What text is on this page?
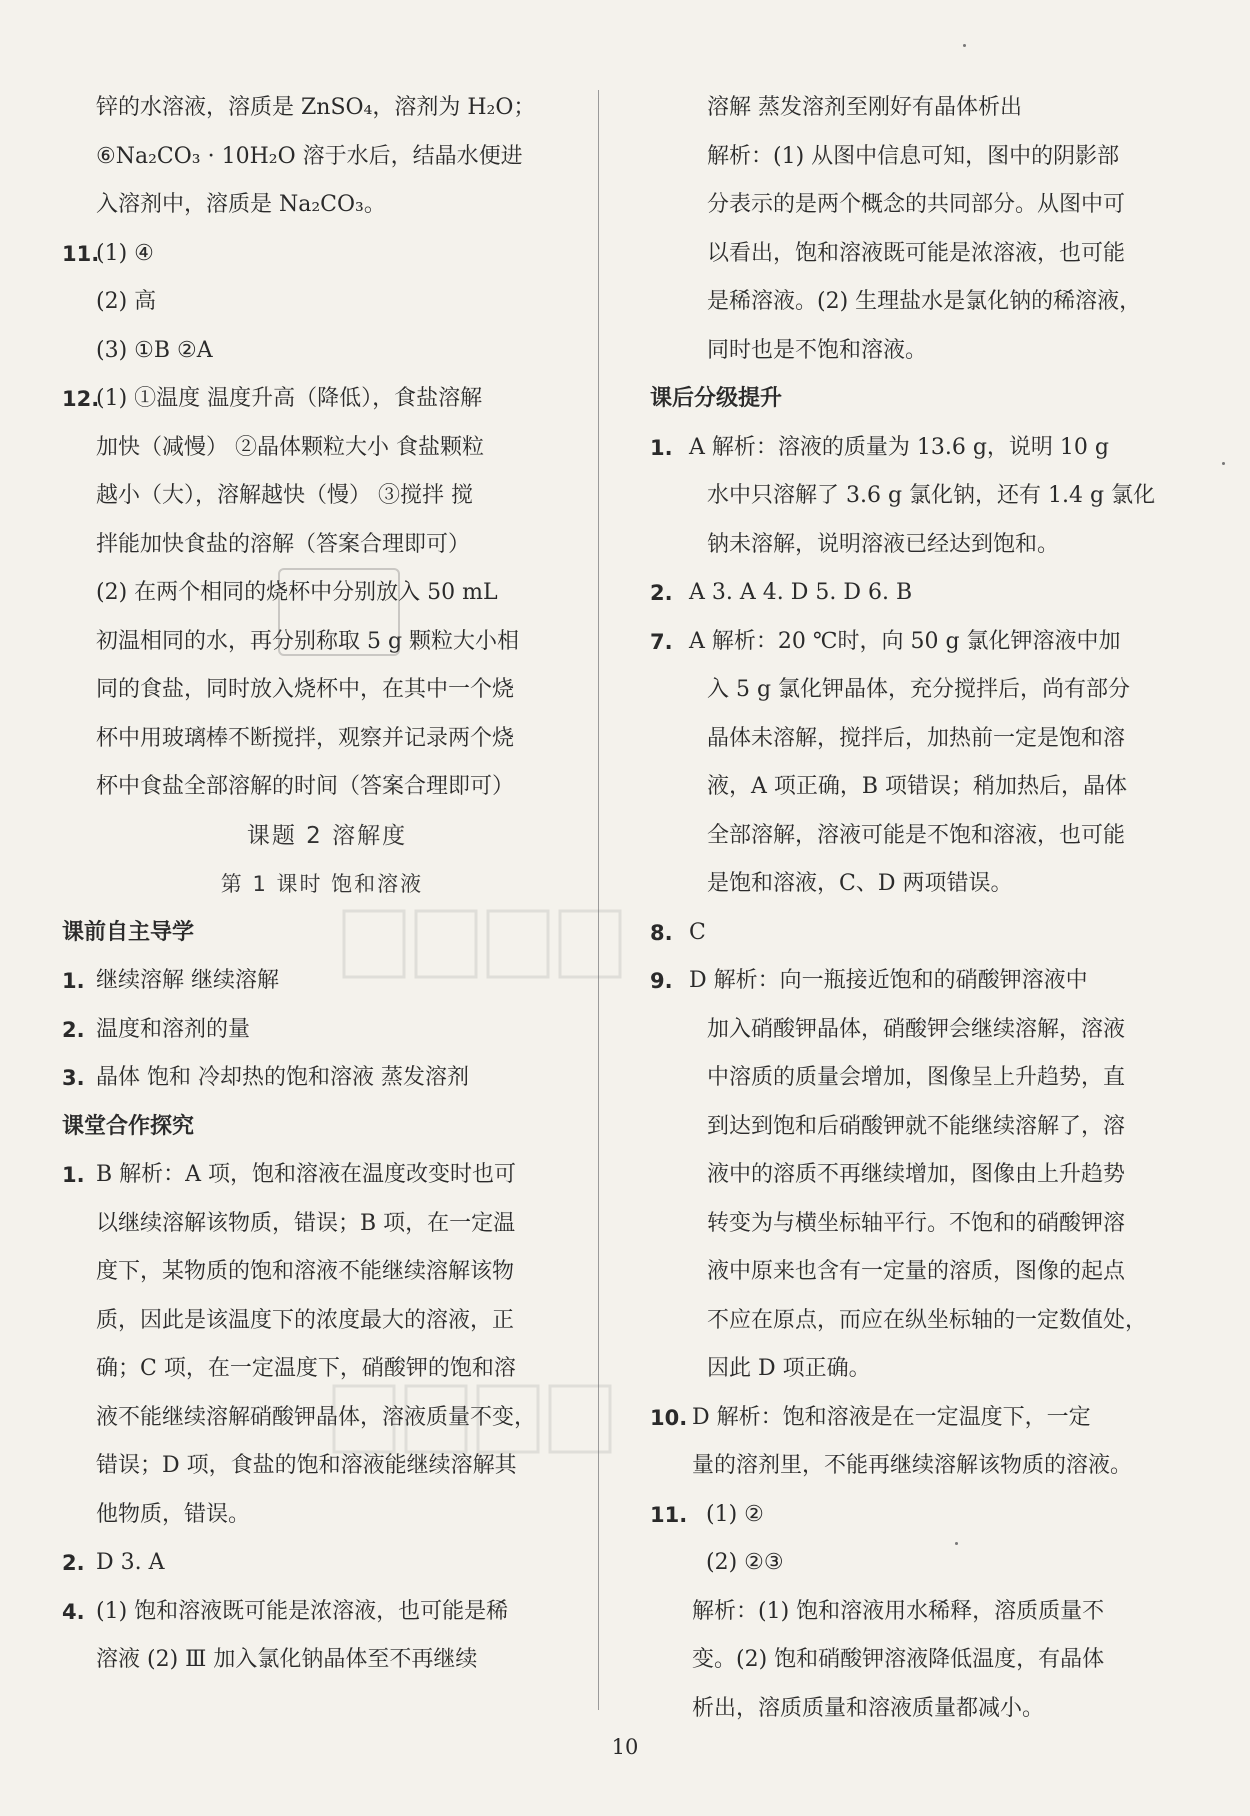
锌的水溶液，溶质是 ZnSO₄，溶剂为 H₂O；
⑥Na₂CO₃ · 10H₂O 溶于水后，结晶水便进
入溶剂中，溶质是 Na₂CO₃。
11.
(1) ④
(2) 高
(3) ①B ②A
12.
(1) ①温度 温度升高（降低），食盐溶解
加快（减慢） ②晶体颗粒大小 食盐颗粒
越小（大），溶解越快（慢） ③搅拌 搅
拌能加快食盐的溶解（答案合理即可）
(2) 在两个相同的烧杯中分别放入 50 mL
初温相同的水，再分别称取 5 g 颗粒大小相
同的食盐，同时放入烧杯中，在其中一个烧
杯中用玻璃棒不断搅拌，观察并记录两个烧
杯中食盐全部溶解的时间（答案合理即可）
课题 2 溶解度
第 1 课时 饱和溶液
课前自主导学
1. 继续溶解 继续溶解
2. 温度和溶剂的量
3. 晶体 饱和 冷却热的饱和溶液 蒸发溶剂
课堂合作探究
1. B 解析：A 项，饱和溶液在温度改变时也可
以继续溶解该物质，错误；B 项，在一定温
度下，某物质的饱和溶液不能继续溶解该物
质，因此是该温度下的浓度最大的溶液，正
确；C 项，在一定温度下，硝酸钾的饱和溶
液不能继续溶解硝酸钾晶体，溶液质量不变，
错误；D 项，食盐的饱和溶液能继续溶解其
他物质，错误。
2. D 3. A
4. (1) 饱和溶液既可能是浓溶液，也可能是稀
溶液 (2) Ⅲ 加入氯化钠晶体至不再继续
溶解 蒸发溶剂至刚好有晶体析出
解析：(1) 从图中信息可知，图中的阴影部
分表示的是两个概念的共同部分。从图中可
以看出，饱和溶液既可能是浓溶液，也可能
是稀溶液。(2) 生理盐水是氯化钠的稀溶液，
同时也是不饱和溶液。
课后分级提升
1. A 解析：溶液的质量为 13.6 g，说明 10 g
水中只溶解了 3.6 g 氯化钠，还有 1.4 g 氯化
钠未溶解，说明溶液已经达到饱和。
2. A 3. A 4. D 5. D 6. B
7. A 解析：20 ℃时，向 50 g 氯化钾溶液中加
入 5 g 氯化钾晶体，充分搅拌后，尚有部分
晶体未溶解，搅拌后，加热前一定是饱和溶
液，A 项正确，B 项错误；稍加热后，晶体
全部溶解，溶液可能是不饱和溶液，也可能
是饱和溶液，C、D 两项错误。
8. C
9. D 解析：向一瓶接近饱和的硝酸钾溶液中
加入硝酸钾晶体，硝酸钾会继续溶解，溶液
中溶质的质量会增加，图像呈上升趋势，直
到达到饱和后硝酸钾就不能继续溶解了，溶
液中的溶质不再继续增加，图像由上升趋势
转变为与横坐标轴平行。不饱和的硝酸钾溶
液中原来也含有一定量的溶质，图像的起点
不应在原点，而应在纵坐标轴的一定数值处，
因此 D 项正确。
10. D 解析：饱和溶液是在一定温度下，一定
量的溶剂里，不能再继续溶解该物质的溶液。
11. (1) ②
(2) ②③
解析：(1) 饱和溶液用水稀释，溶质质量不
变。(2) 饱和硝酸钾溶液降低温度，有晶体
析出，溶质质量和溶液质量都减小。
10
